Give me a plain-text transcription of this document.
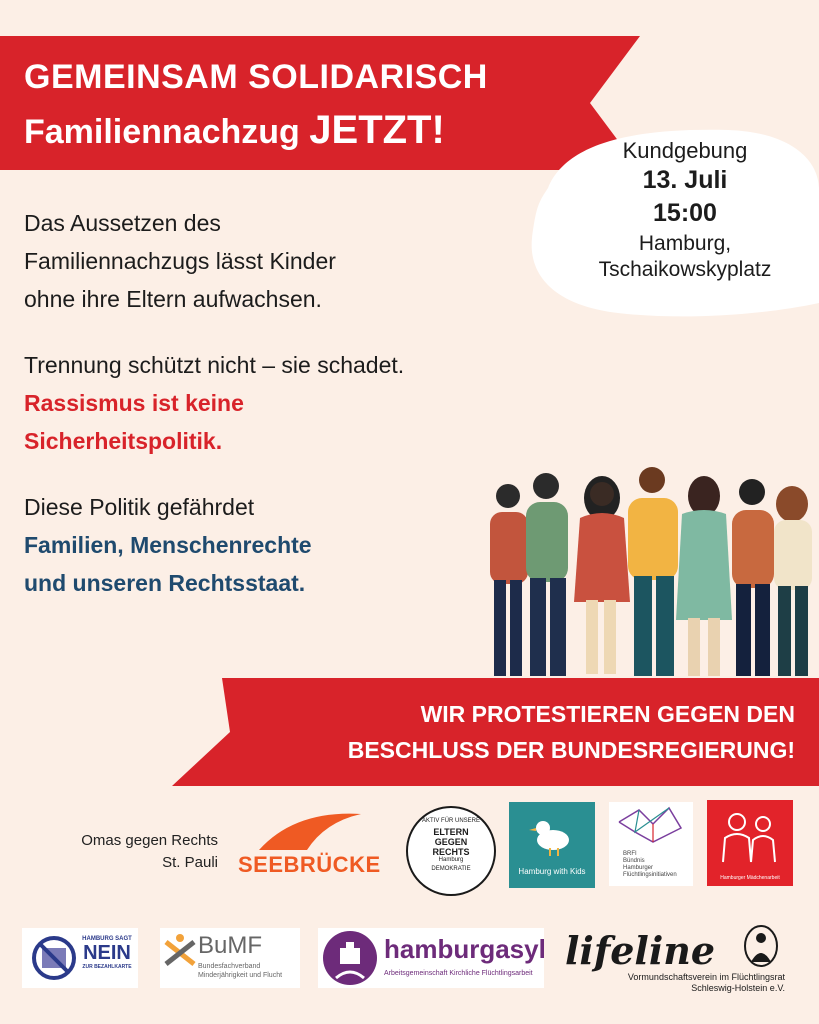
GEMEINSAM SOLIDARISCH
Familiennachzug JETZT!	Kundgebung
13. Juli
15:00
Hamburg,
Tschaikowskyplatz
Das Aussetzen des
Familiennachzugs lässt Kinder
ohne ihre Eltern aufwachsen.
Trennung schützt nicht – sie schadet.
Rassismus ist keine
Sicherheitspolitik.
Diese Politik gefährdet
Familien, Menschenrechte
und unseren Rechtsstaat.
WIR PROTESTIEREN GEGEN DEN
BESCHLUSS DER BUNDESREGIERUNG!
Omas gegen Rechts
St. Pauli SEEBRÜCKE
AKTIV FÜR UNSERE
ELTERN
GEGEN
RECHTS
Hamburg
DEMOKRATIE	Hamburg with Kids
BRFI
Bündnis
Hamburger
Flüchtlingsinitiativen	Hamburger Mädchenarbeit
HAMBURG SAGT
NEIN
ZUR BEZAHLKARTE
BuMF
Bundesfachverband
Minderjährigkeit und Flucht
hamburgasyl
Arbeitsgemeinschaft Kirchliche Flüchtlingsarbeit
lifeline
Vormundschaftsverein im Flüchtlingsrat
Schleswig-Holstein e.V.
